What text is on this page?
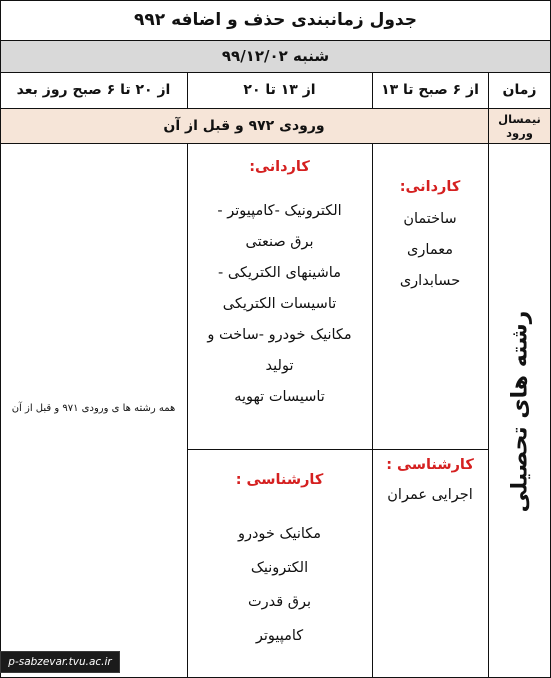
جدول زمانبندی حذف و اضافه ۹۹۲
شنبه ۹۹/۱۲/۰۲
زمان
از ۶ صبح تا ۱۳
از ۱۳ تا ۲۰
از ۲۰ تا ۶ صبح روز بعد
نیمسال ورود
ورودی ۹۷۲ و قبل از آن
رشته های تحصیلی
کاردانی:
ساختمان
معماری
حسابداری
کارشناسی :
اجرایی عمران
کاردانی:
الکترونیک -کامپیوتر -
برق صنعتی
ماشینهای الکتریکی -
تاسیسات الکتریکی
مکانیک خودرو -ساخت و
تولید
تاسیسات تهویه
کارشناسی :
مکانیک خودرو
الکترونیک
برق قدرت
کامپیوتر
همه رشته ها ی ورودی ۹۷۱ و قبل از آن
p-sabzevar.tvu.ac.ir
